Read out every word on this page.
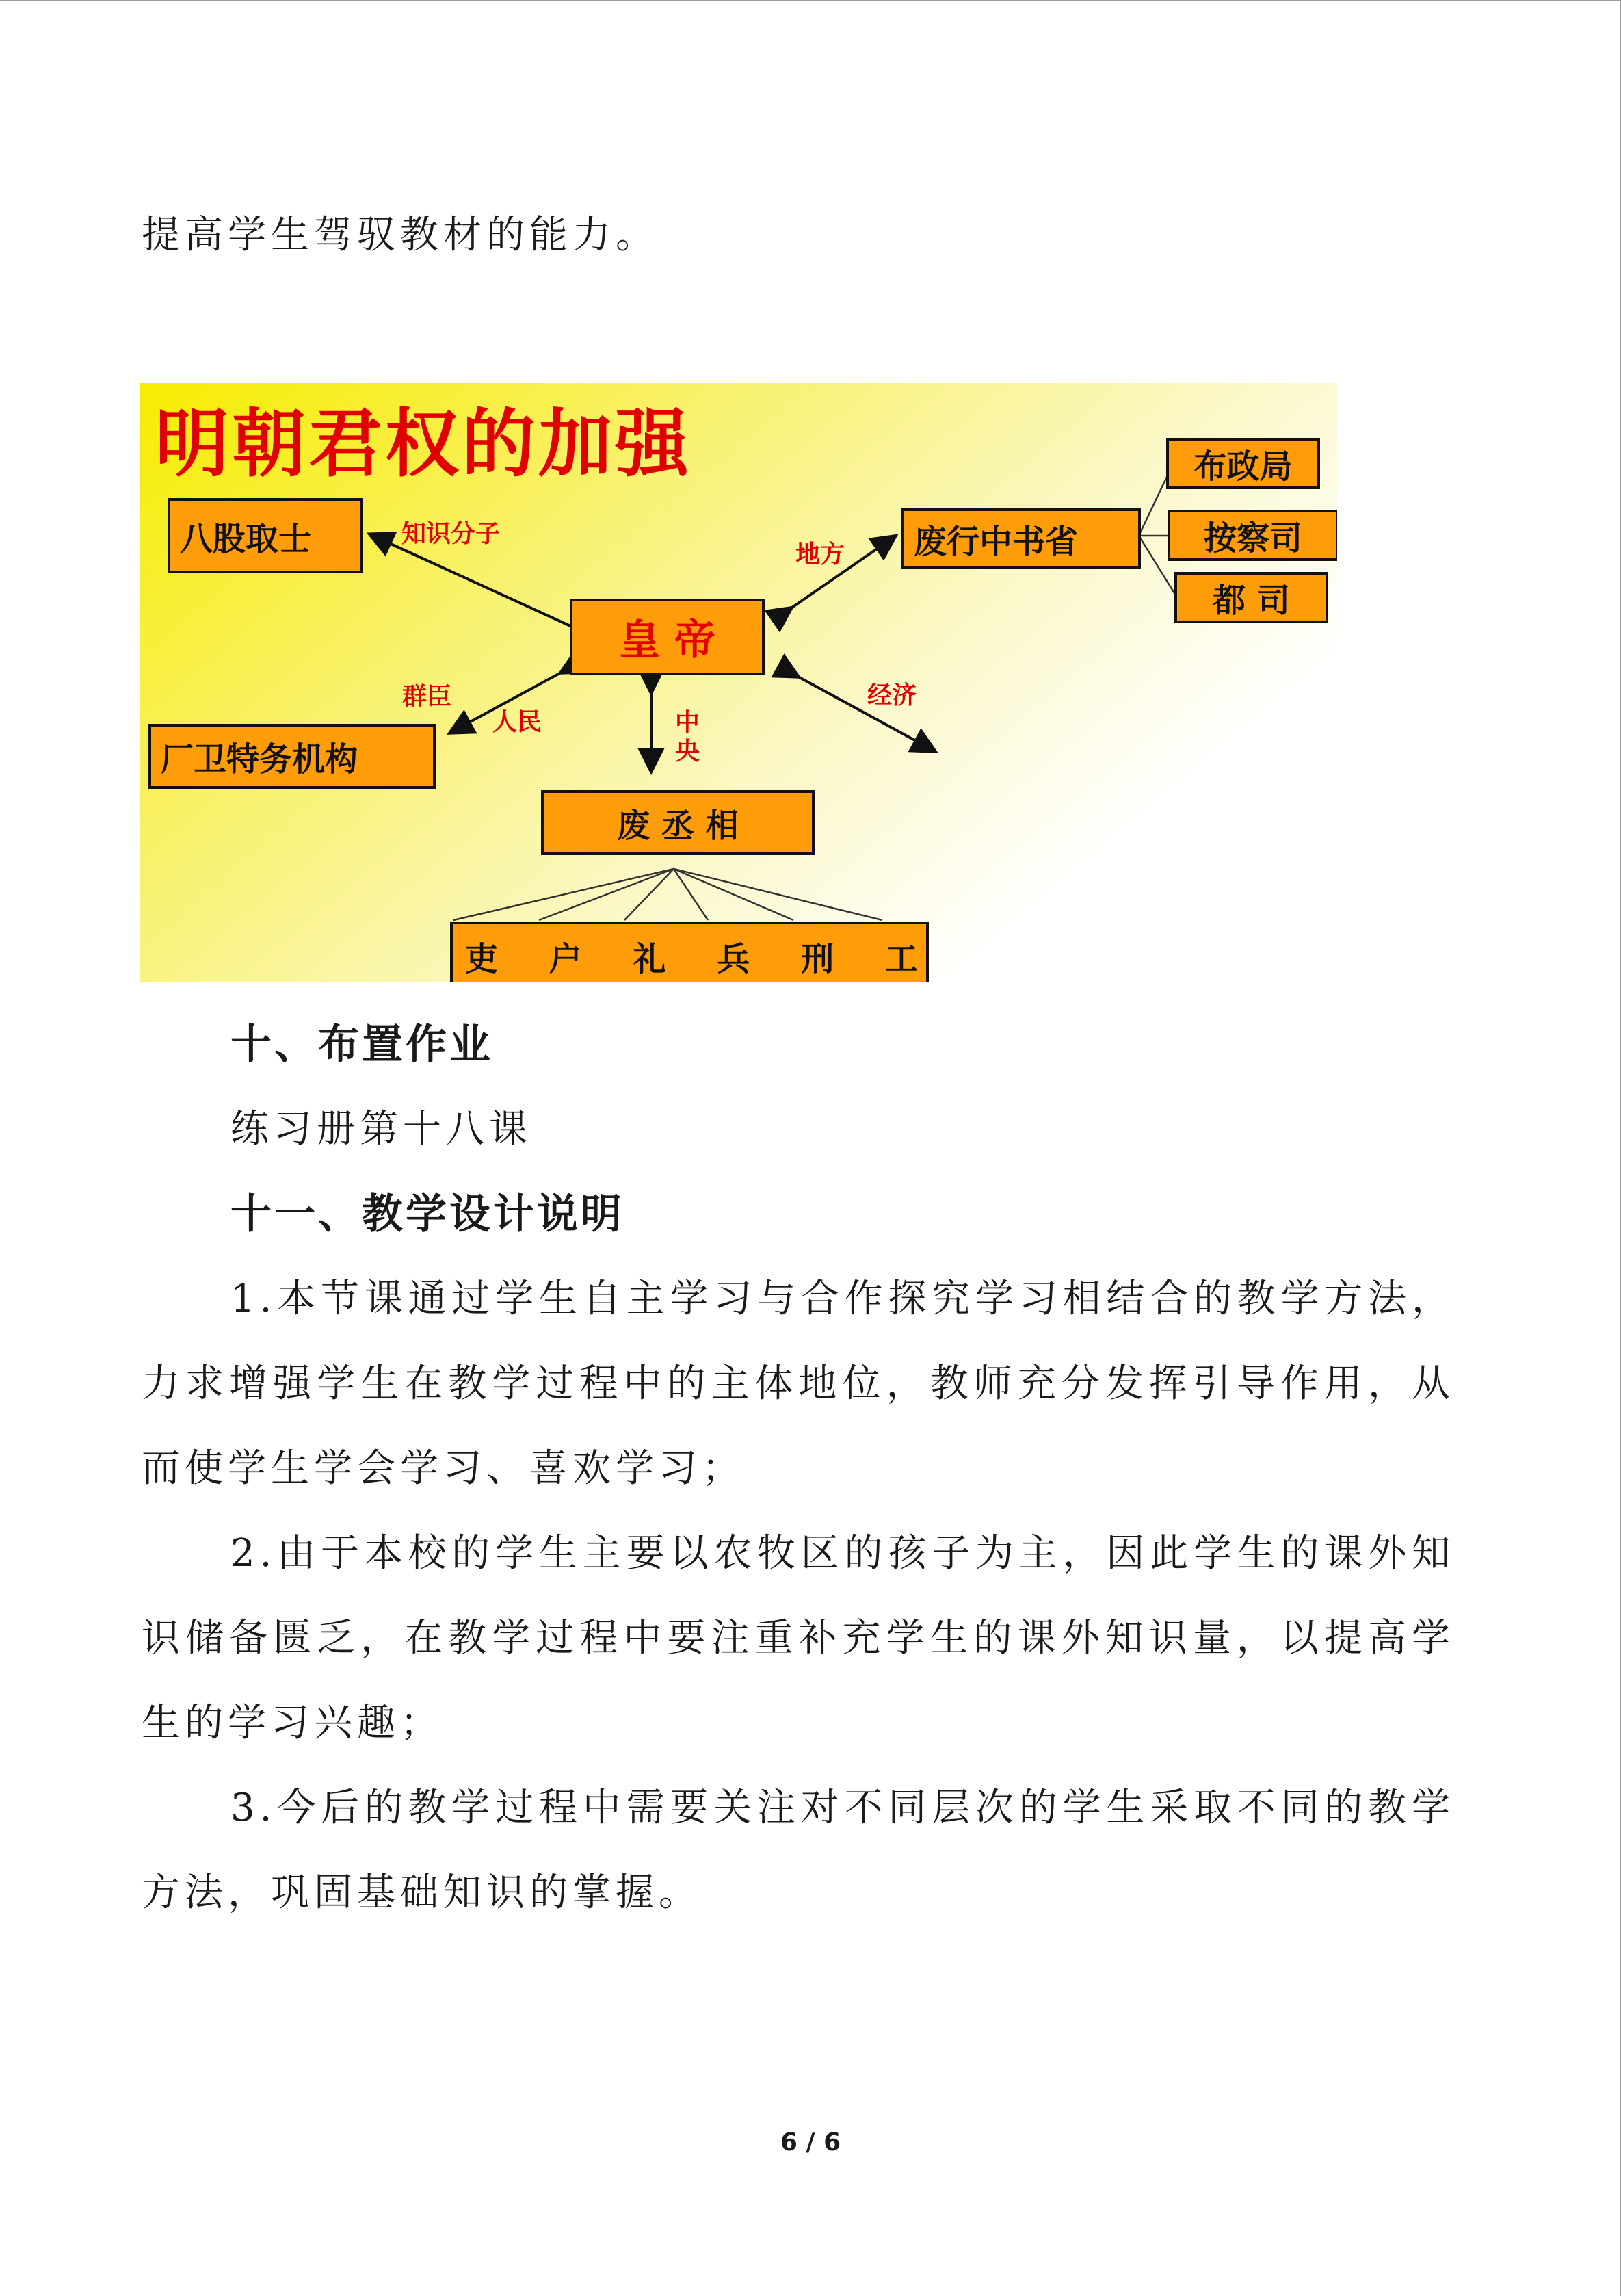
提高学生驾驭教材的能力。

明朝君权的加强

皇 帝
八股取士
厂卫特务机构
废行中书省
布政局
按察司
都 司
废 丞 相
吏 户 礼 兵 刑 工
知识分子
地方
群臣
人民	中
央
经济

十、布置作业

练习册第十八课

十一、教学设计说明

1.本节课通过学生自主学习与合作探究学习相结合的教学方法，力求增强学生在教学过程中的主体地位，教师充分发挥引导作用，从而使学生学会学习、喜欢学习；

2.由于本校的学生主要以农牧区的孩子为主，因此学生的课外知识储备匮乏，在教学过程中要注重补充学生的课外知识量，以提高学生的学习兴趣；

3.今后的教学过程中需要关注对不同层次的学生采取不同的教学方法，巩固基础知识的掌握。

6 / 6
